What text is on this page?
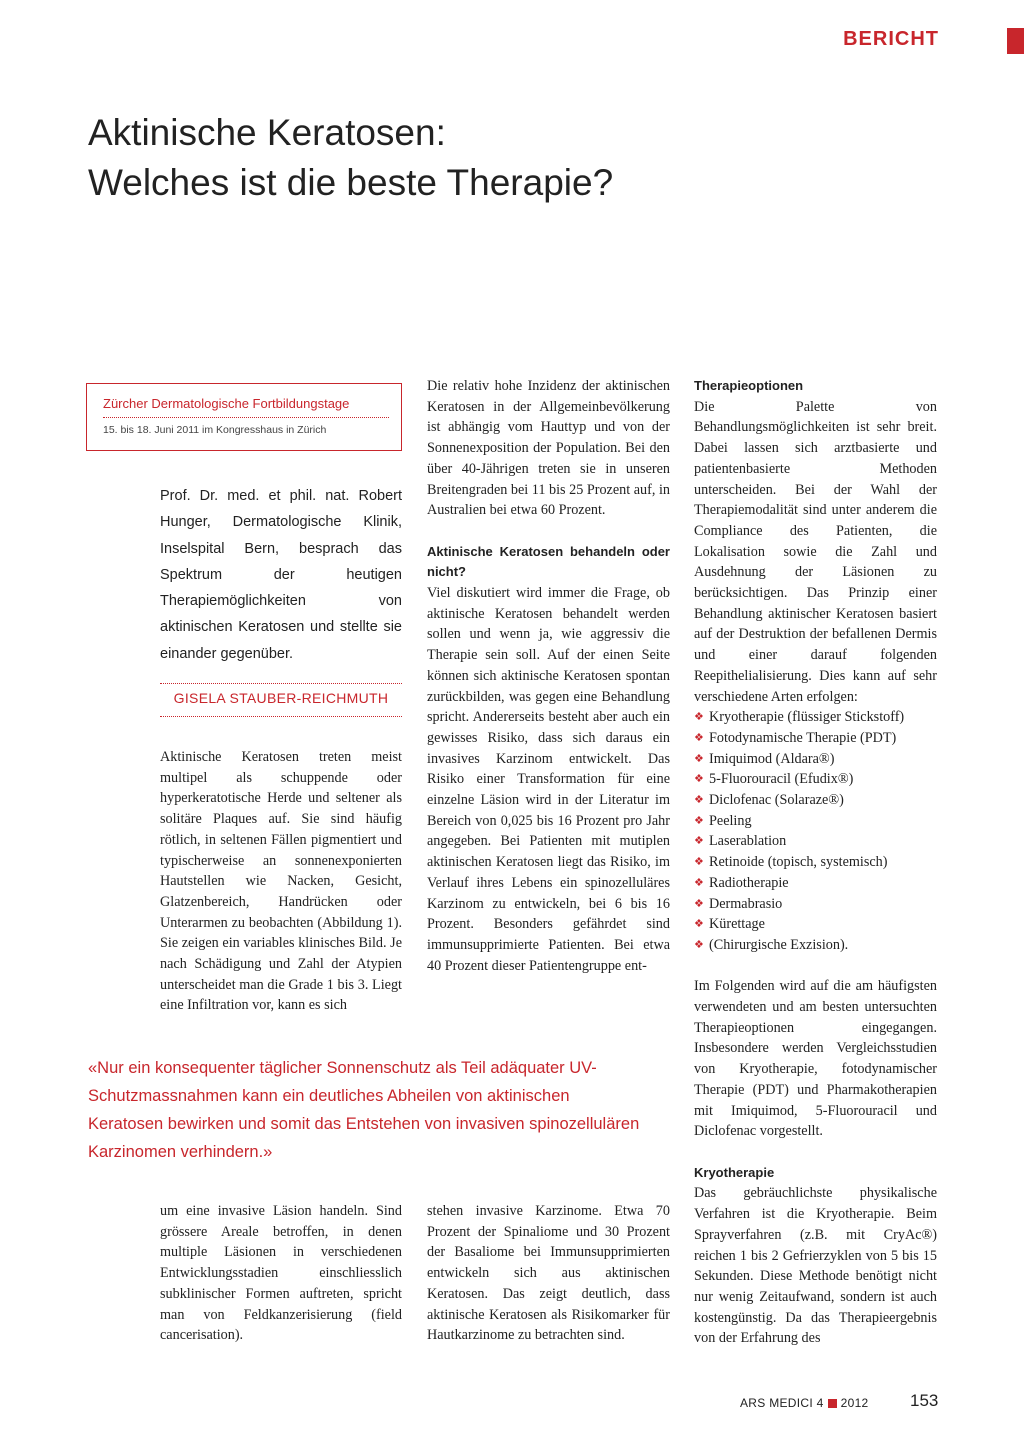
BERICHT
Aktinische Keratosen:
Welches ist die beste Therapie?
Zürcher Dermatologische Fortbildungstage
15. bis 18. Juni 2011 im Kongresshaus in Zürich

Prof. Dr. med. et phil. nat. Robert Hunger, Dermatologische Klinik, Inselspital Bern, besprach das Spektrum der heutigen Therapiemöglichkeiten von aktinischen Keratosen und stellte sie einander gegenüber.

GISELA STAUBER-REICHMUTH

Aktinische Keratosen treten meist multipel als schuppende oder hyperkeratotische Herde und seltener als solitäre Plaques auf. Sie sind häufig rötlich, in seltenen Fällen pigmentiert und typischerweise an sonnenexponierten Hautstellen wie Nacken, Gesicht, Glatzenbereich, Handrücken oder Unterarmen zu beobachten (Abbildung 1). Sie zeigen ein variables klinisches Bild. Je nach Schädigung und Zahl der Atypien unterscheidet man die Grade 1 bis 3. Liegt eine Infiltration vor, kann es sich

Die relativ hohe Inzidenz der aktinischen Keratosen in der Allgemeinbevölkerung ist abhängig vom Hauttyp und von der Sonnenexposition der Population. Bei den über 40-Jährigen treten sie in unseren Breitengraden bei 11 bis 25 Prozent auf, in Australien bei etwa 60 Prozent.

Aktinische Keratosen behandeln oder nicht?

Viel diskutiert wird immer die Frage, ob aktinische Keratosen behandelt werden sollen und wenn ja, wie aggressiv die Therapie sein soll. Auf der einen Seite können sich aktinische Keratosen spontan zurückbilden, was gegen eine Behandlung spricht. Andererseits besteht aber auch ein gewisses Risiko, dass sich daraus ein invasives Karzinom entwickelt. Das Risiko einer Transformation für eine einzelne Läsion wird in der Literatur im Bereich von 0,025 bis 16 Prozent pro Jahr angegeben. Bei Patienten mit mutiplen aktinischen Keratosen liegt das Risiko, im Verlauf ihres Lebens ein spinozelluläres Karzinom zu entwickeln, bei 6 bis 16 Prozent. Besonders gefährdet sind immunsupprimierte Patienten. Bei etwa 40 Prozent dieser Patientengruppe ent-

Therapieoptionen

Die Palette von Behandlungsmöglichkeiten ist sehr breit. Dabei lassen sich arztbasierte und patientenbasierte Methoden unterscheiden. Bei der Wahl der Therapiemodalität sind unter anderem die Compliance des Patienten, die Lokalisation sowie die Zahl und Ausdehnung der Läsionen zu berücksichtigen. Das Prinzip einer Behandlung aktinischer Keratosen basiert auf der Destruktion der befallenen Dermis und einer darauf folgenden Reepithelialisierung. Dies kann auf sehr verschiedene Arten erfolgen:

❖ Kryotherapie (flüssiger Stickstoff)
❖ Fotodynamische Therapie (PDT)
❖ Imiquimod (Aldara®)
❖ 5-Fluorouracil (Efudix®)
❖ Diclofenac (Solaraze®)
❖ Peeling
❖ Laserablation
❖ Retinoide (topisch, systemisch)
❖ Radiotherapie
❖ Dermabrasio
❖ Kürettage
❖ (Chirurgische Exzision).

Im Folgenden wird auf die am häufigsten verwendeten und am besten untersuchten Therapieoptionen eingegangen. Insbesondere werden Vergleichsstudien von Kryotherapie, fotodynamischer Therapie (PDT) und Pharmakotherapien mit Imiquimod, 5-Fluorouracil und Diclofenac vorgestellt.

Kryotherapie

Das gebräuchlichste physikalische Verfahren ist die Kryotherapie. Beim Sprayverfahren (z.B. mit CryAc®) reichen 1 bis 2 Gefrierzyklen von 5 bis 15 Sekunden. Diese Methode benötigt nicht nur wenig Zeitaufwand, sondern ist auch kostengünstig. Da das Therapieergebnis von der Erfahrung des

«Nur ein konsequenter täglicher Sonnenschutz als Teil adäquater UV-Schutzmassnahmen kann ein deutliches Abheilen von aktinischen Keratosen bewirken und somit das Entstehen von invasiven spinozellulären Karzinomen verhindern.»

um eine invasive Läsion handeln. Sind grössere Areale betroffen, in denen multiple Läsionen in verschiedenen Entwicklungsstadien einschliesslich subklinischer Formen auftreten, spricht man von Feldkanzerisierung (field cancerisation).

stehen invasive Karzinome. Etwa 70 Prozent der Spinaliome und 30 Prozent der Basaliome bei Immunsupprimierten entwickeln sich aus aktinischen Keratosen. Das zeigt deutlich, dass aktinische Keratosen als Risikomarker für Hautkarzinome zu betrachten sind.

ARS MEDICI 4 2012 153
